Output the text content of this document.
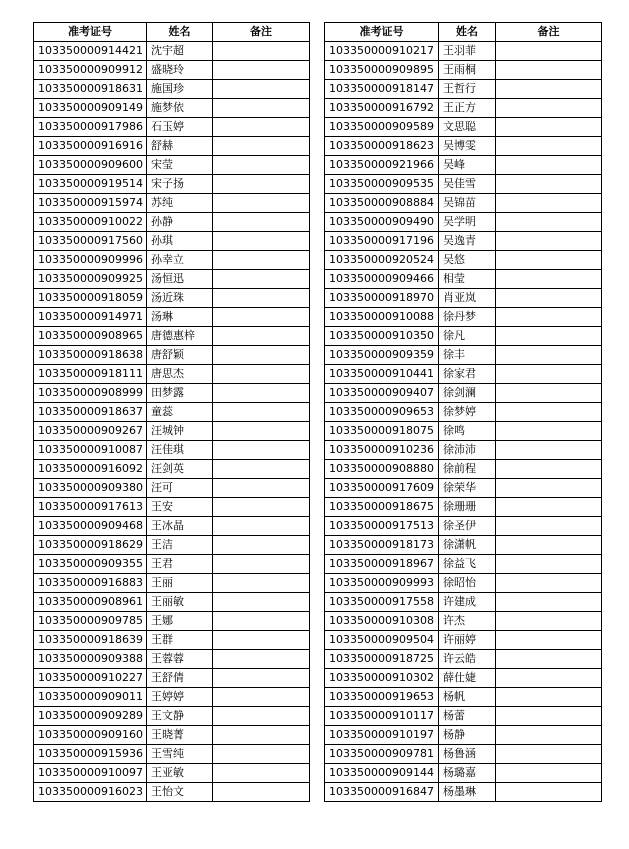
准考证号	姓名	备注
103350000914421	沈宇超	
103350000909912	盛晓玲	
103350000918631	施国珍	
103350000909149	施梦依	
103350000917986	石玉婷	
103350000916916	舒赫	
103350000909600	宋莹	
103350000919514	宋子扬	
103350000915974	苏纯	
103350000910022	孙静	
103350000917560	孙琪	
103350000909996	孙幸立	
103350000909925	汤恒迅	
103350000918059	汤近珠	
103350000914971	汤琳	
103350000908965	唐德惠梓	
103350000918638	唐舒颖	
103350000918111	唐思杰	
103350000908999	田梦露	
103350000918637	童蕊	
103350000909267	汪城钟	
103350000910087	汪佳琪	
103350000916092	汪剑英	
103350000909380	汪可	
103350000917613	王安	
103350000909468	王冰晶	
103350000918629	王洁	
103350000909355	王君	
103350000916883	王丽	
103350000908961	王丽敏	
103350000909785	王娜	
103350000918639	王群	
103350000909388	王蓉蓉	
103350000910227	王舒倩	
103350000909011	王婷婷	
103350000909289	王文静	
103350000909160	王晓菁	
103350000915936	王雪纯	
103350000910097	王亚敏	
103350000916023	王怡文	
准考证号	姓名	备注
103350000910217	王羽菲	
103350000909895	王雨桐	
103350000918147	王哲行	
103350000916792	王正方	
103350000909589	文思聪	
103350000918623	吴博雯	
103350000921966	吴峰	
103350000909535	吴佳雪	
103350000908884	吴锦苗	
103350000909490	吴学明	
103350000917196	吴逸青	
103350000920524	吴悠	
103350000909466	相莹	
103350000918970	肖亚岚	
103350000910088	徐丹梦	
103350000910350	徐凡	
103350000909359	徐丰	
103350000910441	徐家君	
103350000909407	徐剑澜	
103350000909653	徐梦婷	
103350000918075	徐鸣	
103350000910236	徐沛沛	
103350000908880	徐前程	
103350000917609	徐荣华	
103350000918675	徐珊珊	
103350000917513	徐圣伊	
103350000918173	徐潇帆	
103350000918967	徐益飞	
103350000909993	徐昭怡	
103350000917558	许建成	
103350000910308	许杰	
103350000909504	许丽婷	
103350000918725	许云皓	
103350000910302	薛仕婕	
103350000919653	杨帆	
103350000910117	杨蕾	
103350000910197	杨静	
103350000909781	杨鲁涵	
103350000909144	杨璐嘉	
103350000916847	杨墨琳	
